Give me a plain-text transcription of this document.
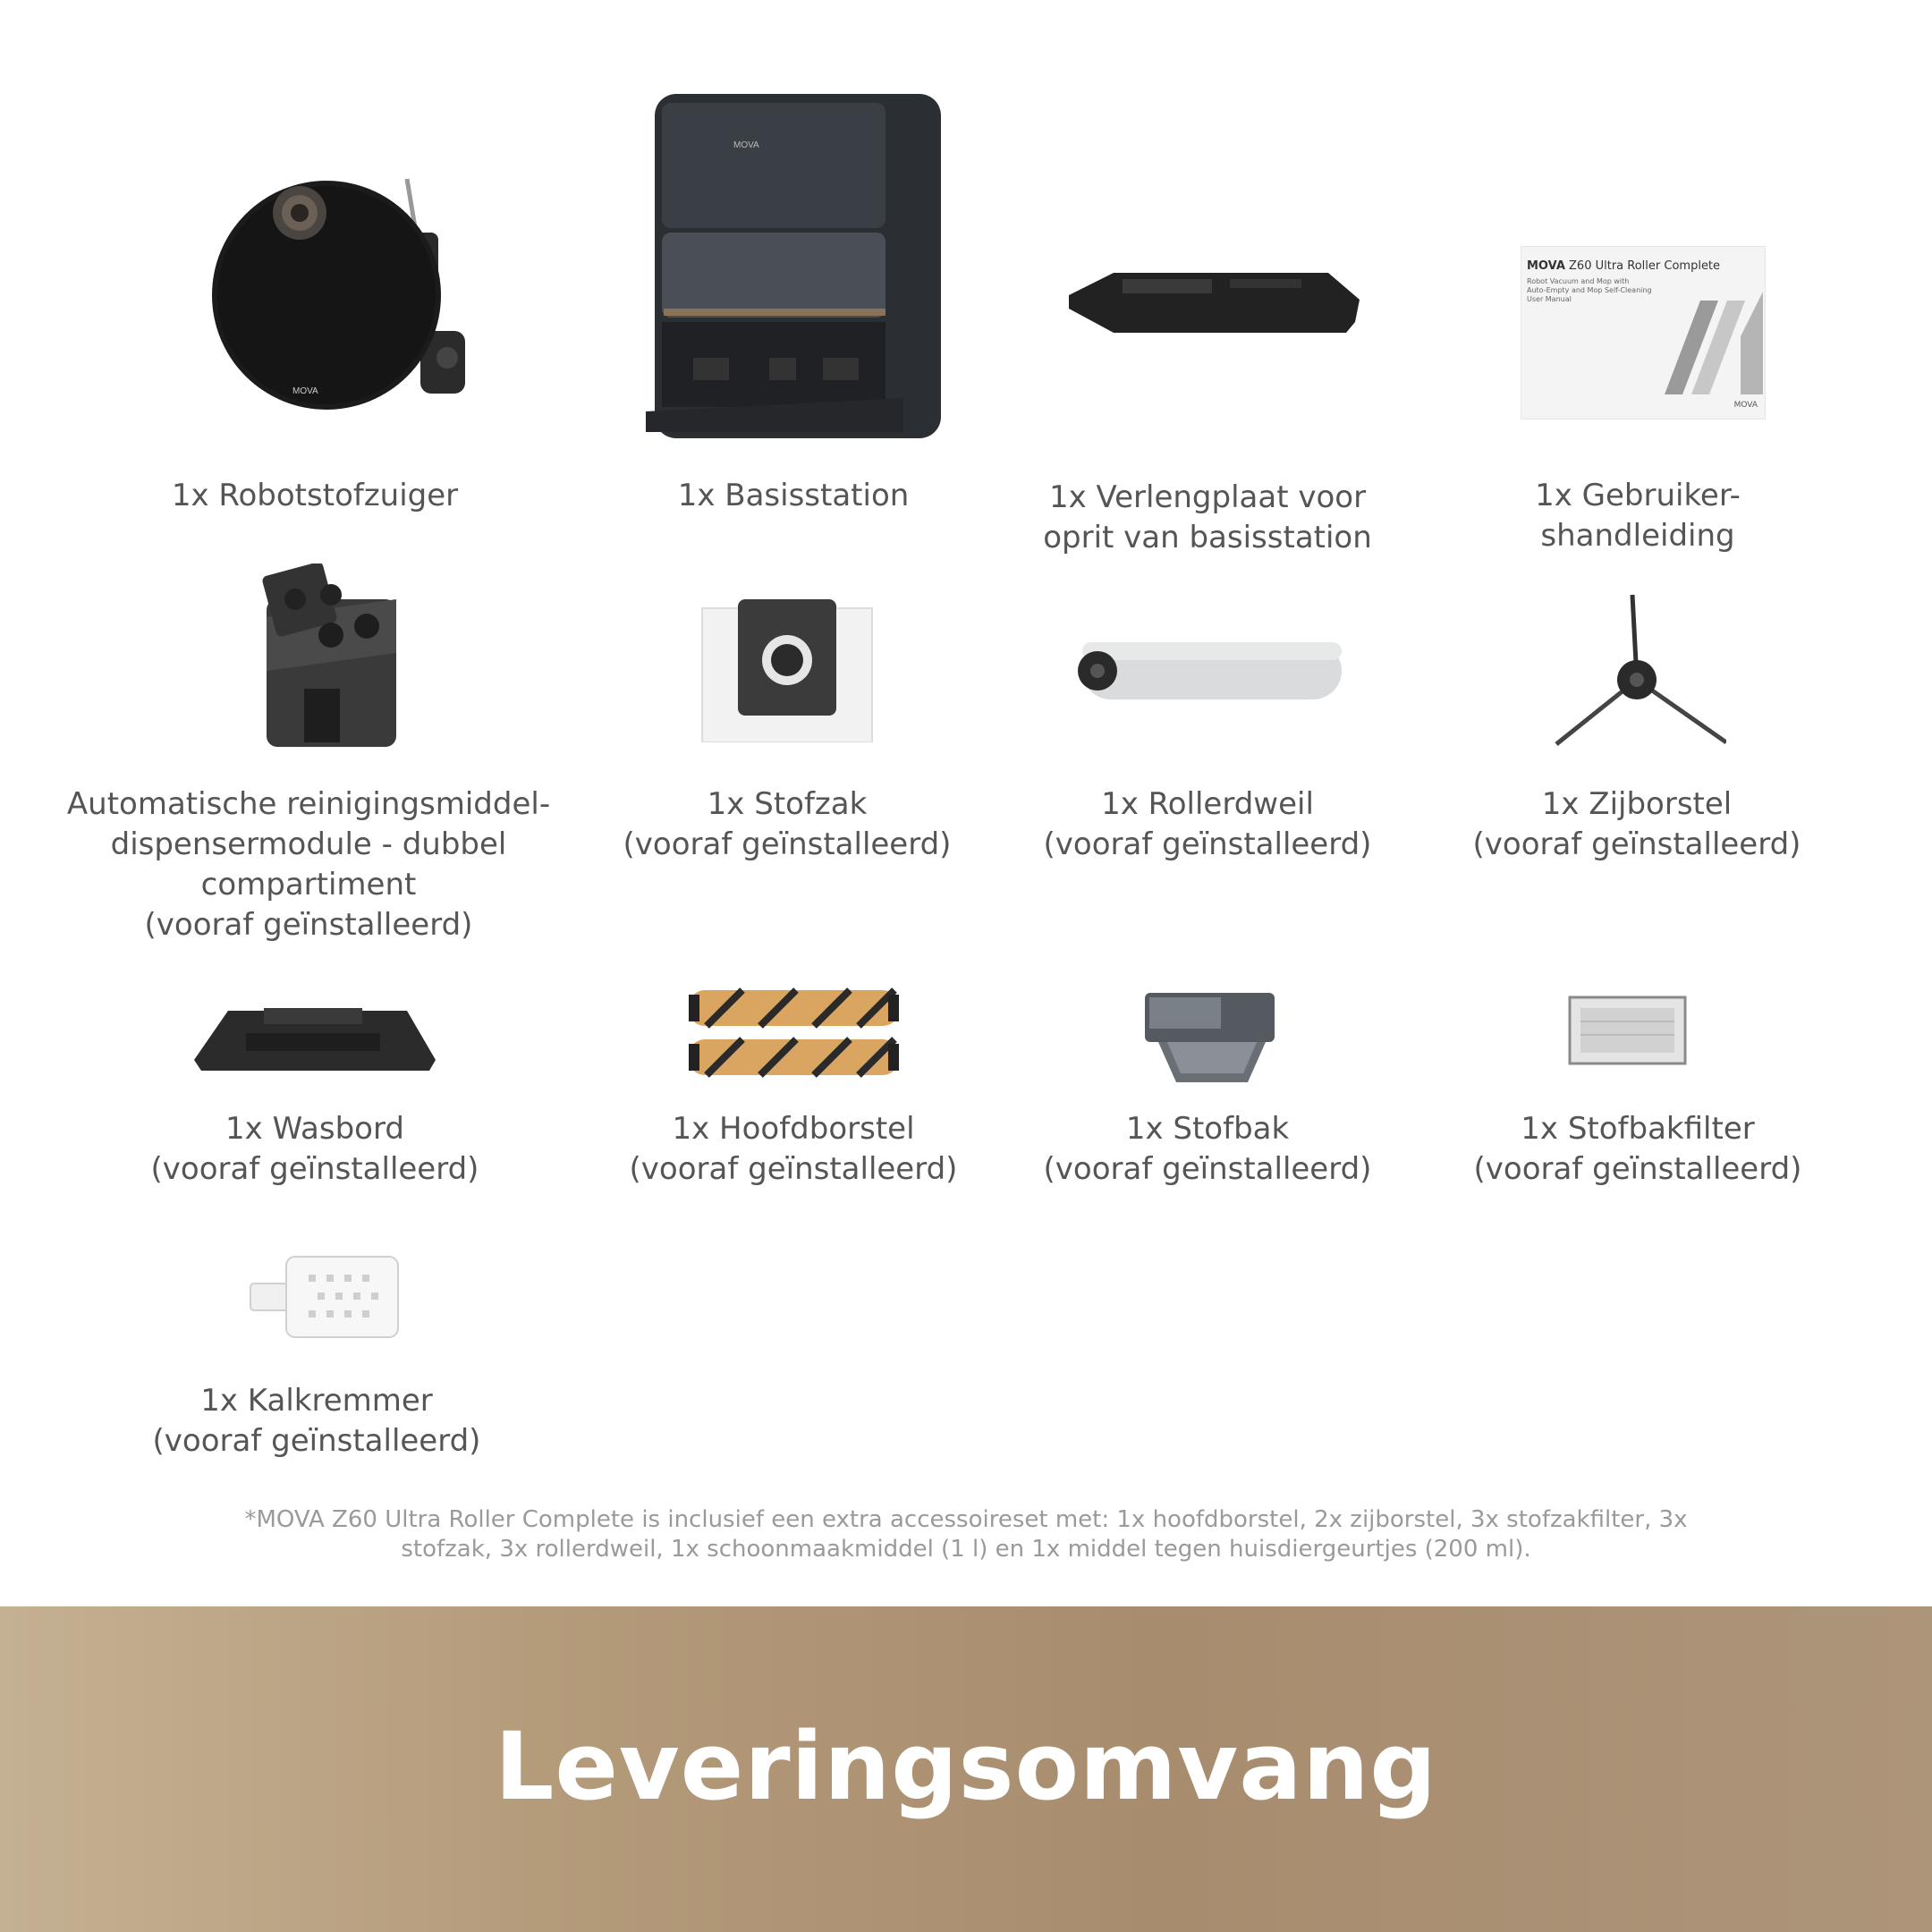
MOVA
MOVA
MOVA Z60 Ultra Roller Complete
Robot Vacuum and Mop with
Auto-Empty and Mop Self-Cleaning
User Manual
MOVA
1x Robotstofzuiger	1x Basisstation	1x Verlengplaat voor
oprit van basisstation
1x Gebruiker-
shandleiding
Automatische reinigingsmiddel-
dispensermodule - dubbel
compartiment
(vooraf geïnstalleerd)
1x Stofzak
(vooraf geïnstalleerd)
1x Rollerdweil
(vooraf geïnstalleerd)
1x Zijborstel
(vooraf geïnstalleerd)
1x Wasbord
(vooraf geïnstalleerd)
1x Hoofdborstel
(vooraf geïnstalleerd)
1x Stofbak
(vooraf geïnstalleerd)
1x Stofbakfilter
(vooraf geïnstalleerd)
1x Kalkremmer
(vooraf geïnstalleerd)
*MOVA Z60 Ultra Roller Complete is inclusief een extra accessoireset met: 1x hoofdborstel, 2x zijborstel, 3x stofzakfilter, 3x
stofzak, 3x rollerdweil, 1x schoonmaakmiddel (1 l) en 1x middel tegen huisdiergeurtjes (200 ml).
Leveringsomvang
